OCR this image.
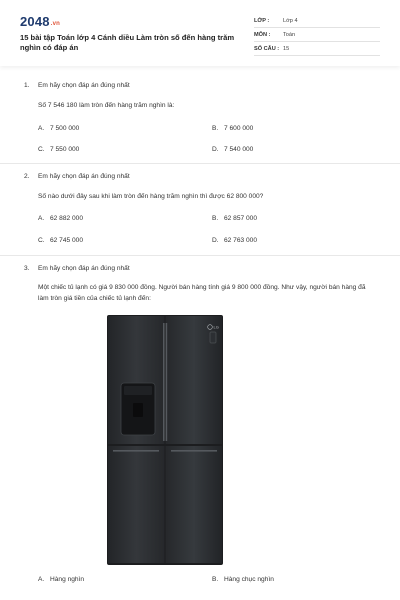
2048.vn
15 bài tập Toán lớp 4 Cánh diều Làm tròn số đến hàng trăm nghìn có đáp án
LỚP :	Lớp 4
MÔN :	Toán
SỐ CÂU : 15
1. Em hãy chọn đáp án đúng nhất
Số 7 546 180 làm tròn đến hàng trăm nghìn là:
A. 7 500 000	B. 7 600 000
C. 7 550 000	D. 7 540 000
2. Em hãy chọn đáp án đúng nhất
Số nào dưới đây sau khi làm tròn đến hàng trăm nghìn thì được 62 800 000?
A. 62 882 000	B. 62 857 000
C. 62 745 000	D. 62 763 000
3. Em hãy chọn đáp án đúng nhất
Một chiếc tủ lạnh có giá 9 830 000 đồng. Người bán hàng tính giá 9 800 000 đồng. Như vậy, người bán hàng đã làm tròn giá tiền của chiếc tủ lạnh đến:
LG
A. Hàng nghìn	B. Hàng chục nghìn
